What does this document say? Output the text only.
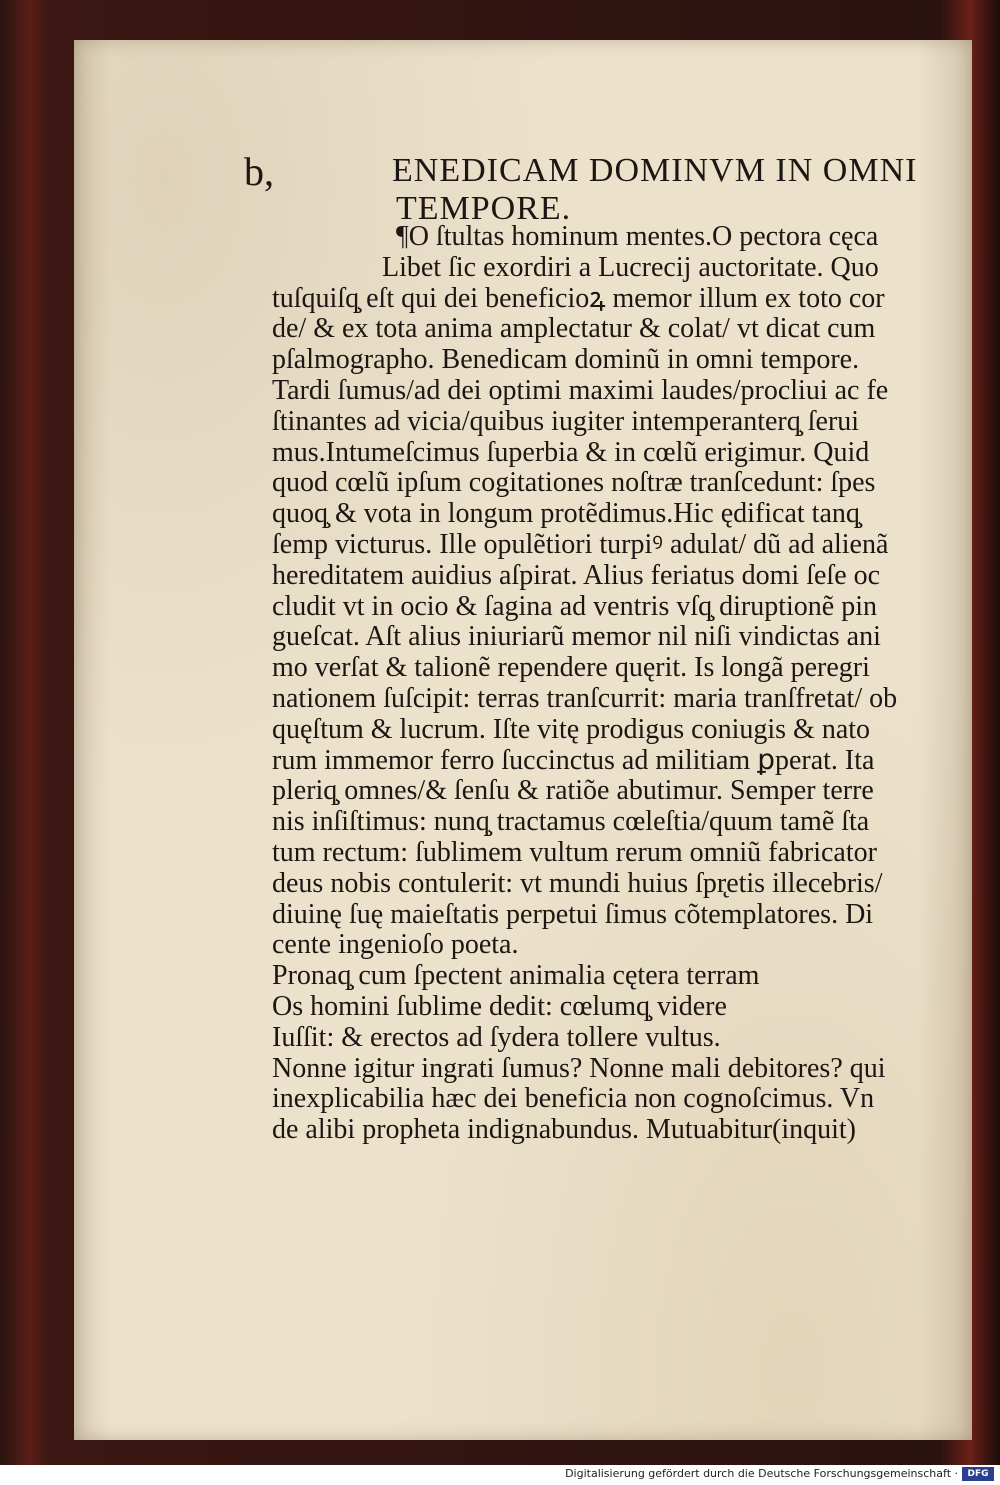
b,	ENEDICAM DOMINVM IN OMNI
TEMPORE.
¶O ſtultas hominum mentes.O pectora cęca
Libet ſic exordiri a Lucrecij auctoritate. Quo
tuſquiſq̧ eſt qui dei beneficioꝝ memor illum ex toto cor
de/ & ex tota anima amplectatur & colat/ vt dicat cum
pſalmographo. Benedicam dominũ in omni tempore.
Tardi ſumus/ad dei optimi maximi laudes/procliui ac fe
ſtinantes ad vicia/quibus iugiter intemperanterq̧ ſerui
mus.Intumeſcimus ſuperbia & in cœlũ erigimur. Quid
quod cœlũ ipſum cogitationes noſtræ tranſcedunt: ſpes
quoq̧ & vota in longum protẽdimus.Hic ędificat tanq̧
ſemp victurus. Ille opulẽtiori turpiꝰ adulat/ dũ ad alienã
hereditatem auidius aſpirat. Alius feriatus domi ſeſe oc
cludit vt in ocio & ſagina ad ventris vſq̧ diruptionẽ pin
gueſcat. Aſt alius iniuriarũ memor nil niſi vindictas ani
mo verſat & talionẽ rependere quęrit. Is longã peregri
nationem ſuſcipit: terras tranſcurrit: maria tranſfretat/ ob
quęſtum & lucrum. Iſte vitę prodigus coniugis & nato
rum immemor ferro ſuccinctus ad militiam ꝑperat. Ita
pleriq̧ omnes/& ſenſu & ratiõe abutimur. Semper terre
nis inſiſtimus: nunq̧ tractamus cœleſtia/quum tamẽ ſta
tum rectum: ſublimem vultum rerum omniũ fabricator
deus nobis contulerit: vt mundi huius ſpr̨etis illecebris/
diuinę ſuę maieſtatis perpetui ſimus cõtemplatores. Di
cente ingenioſo poeta.
Pronaq̧ cum ſpectent animalia cętera terram
Os homini ſublime dedit: cœlumq̧ videre
Iuſſit: & erectos ad ſydera tollere vultus.
Nonne igitur ingrati ſumus? Nonne mali debitores? qui
inexplicabilia hæc dei beneficia non cognoſcimus. Vn
de alibi propheta indignabundus. Mutuabitur(inquit)
Digitalisierung gefördert durch die Deutsche Forschungsgemeinschaft ·	DFG
